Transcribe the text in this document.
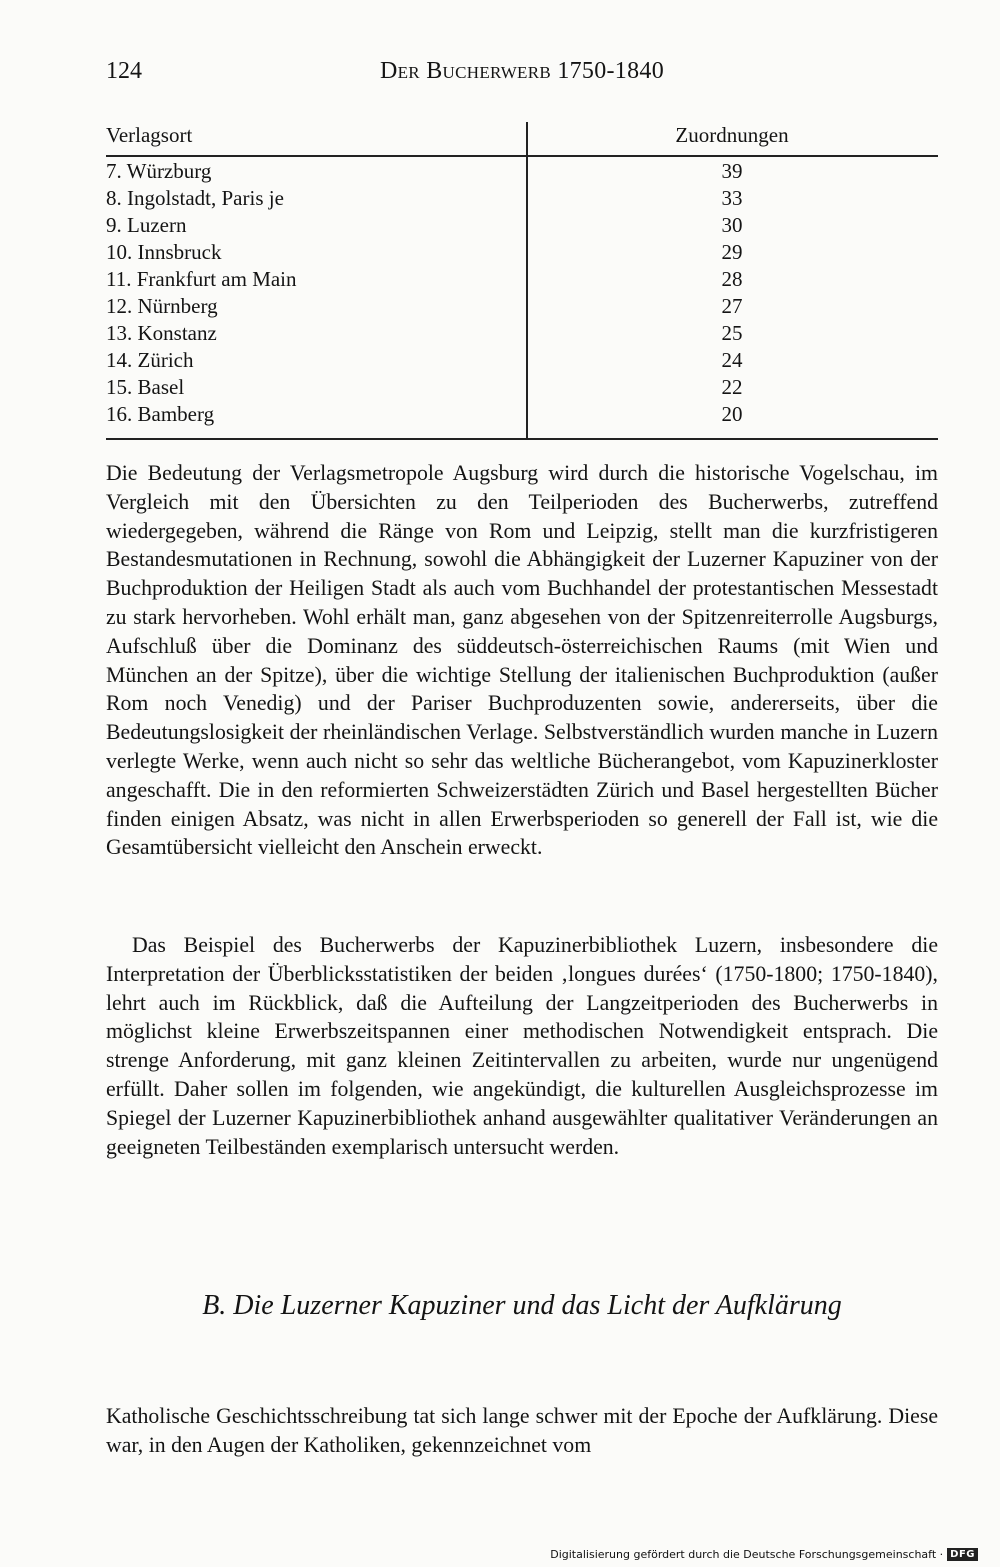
124	Der Bucherwerb 1750-1840
Verlagsort	Zuordnungen
7. Würzburg	39
8. Ingolstadt, Paris je	33
9. Luzern	30
10. Innsbruck	29
11. Frankfurt am Main	28
12. Nürnberg	27
13. Konstanz	25
14. Zürich	24
15. Basel	22
16. Bamberg	20

Die Bedeutung der Verlagsmetropole Augsburg wird durch die historische Vogelschau, im Vergleich mit den Übersichten zu den Teilperioden des Bucherwerbs, zutreffend wiedergegeben, während die Ränge von Rom und Leipzig, stellt man die kurzfristigeren Bestandesmutationen in Rechnung, sowohl die Abhängigkeit der Luzerner Kapuziner von der Buchproduktion der Heiligen Stadt als auch vom Buchhandel der protestantischen Messestadt zu stark hervorheben. Wohl erhält man, ganz abgesehen von der Spitzenreiterrolle Augsburgs, Aufschluß über die Dominanz des süddeutsch-österreichischen Raums (mit Wien und München an der Spitze), über die wichtige Stellung der italienischen Buchproduktion (außer Rom noch Venedig) und der Pariser Buchproduzenten sowie, andererseits, über die Bedeutungslosigkeit der rheinländischen Verlage. Selbstverständlich wurden manche in Luzern verlegte Werke, wenn auch nicht so sehr das weltliche Bücherangebot, vom Kapuzinerkloster angeschafft. Die in den reformierten Schweizerstädten Zürich und Basel hergestellten Bücher finden einigen Absatz, was nicht in allen Erwerbsperioden so generell der Fall ist, wie die Gesamtübersicht vielleicht den Anschein erweckt.

Das Beispiel des Bucherwerbs der Kapuzinerbibliothek Luzern, insbesondere die Interpretation der Überblicksstatistiken der beiden ‚longues durées‘ (1750-1800; 1750-1840), lehrt auch im Rückblick, daß die Aufteilung der Langzeitperioden des Bucherwerbs in möglichst kleine Erwerbszeitspannen einer methodischen Notwendigkeit entsprach. Die strenge Anforderung, mit ganz kleinen Zeitintervallen zu arbeiten, wurde nur ungenügend erfüllt. Daher sollen im folgenden, wie angekündigt, die kulturellen Ausgleichsprozesse im Spiegel der Luzerner Kapuzinerbibliothek anhand ausgewählter qualitativer Veränderungen an geeigneten Teilbeständen exemplarisch untersucht werden.

B. Die Luzerner Kapuziner und das Licht der Aufklärung

Katholische Geschichtsschreibung tat sich lange schwer mit der Epoche der Aufklärung. Diese war, in den Augen der Katholiken, gekennzeichnet vom

Digitalisierung gefördert durch die Deutsche Forschungsgemeinschaft · DFG
